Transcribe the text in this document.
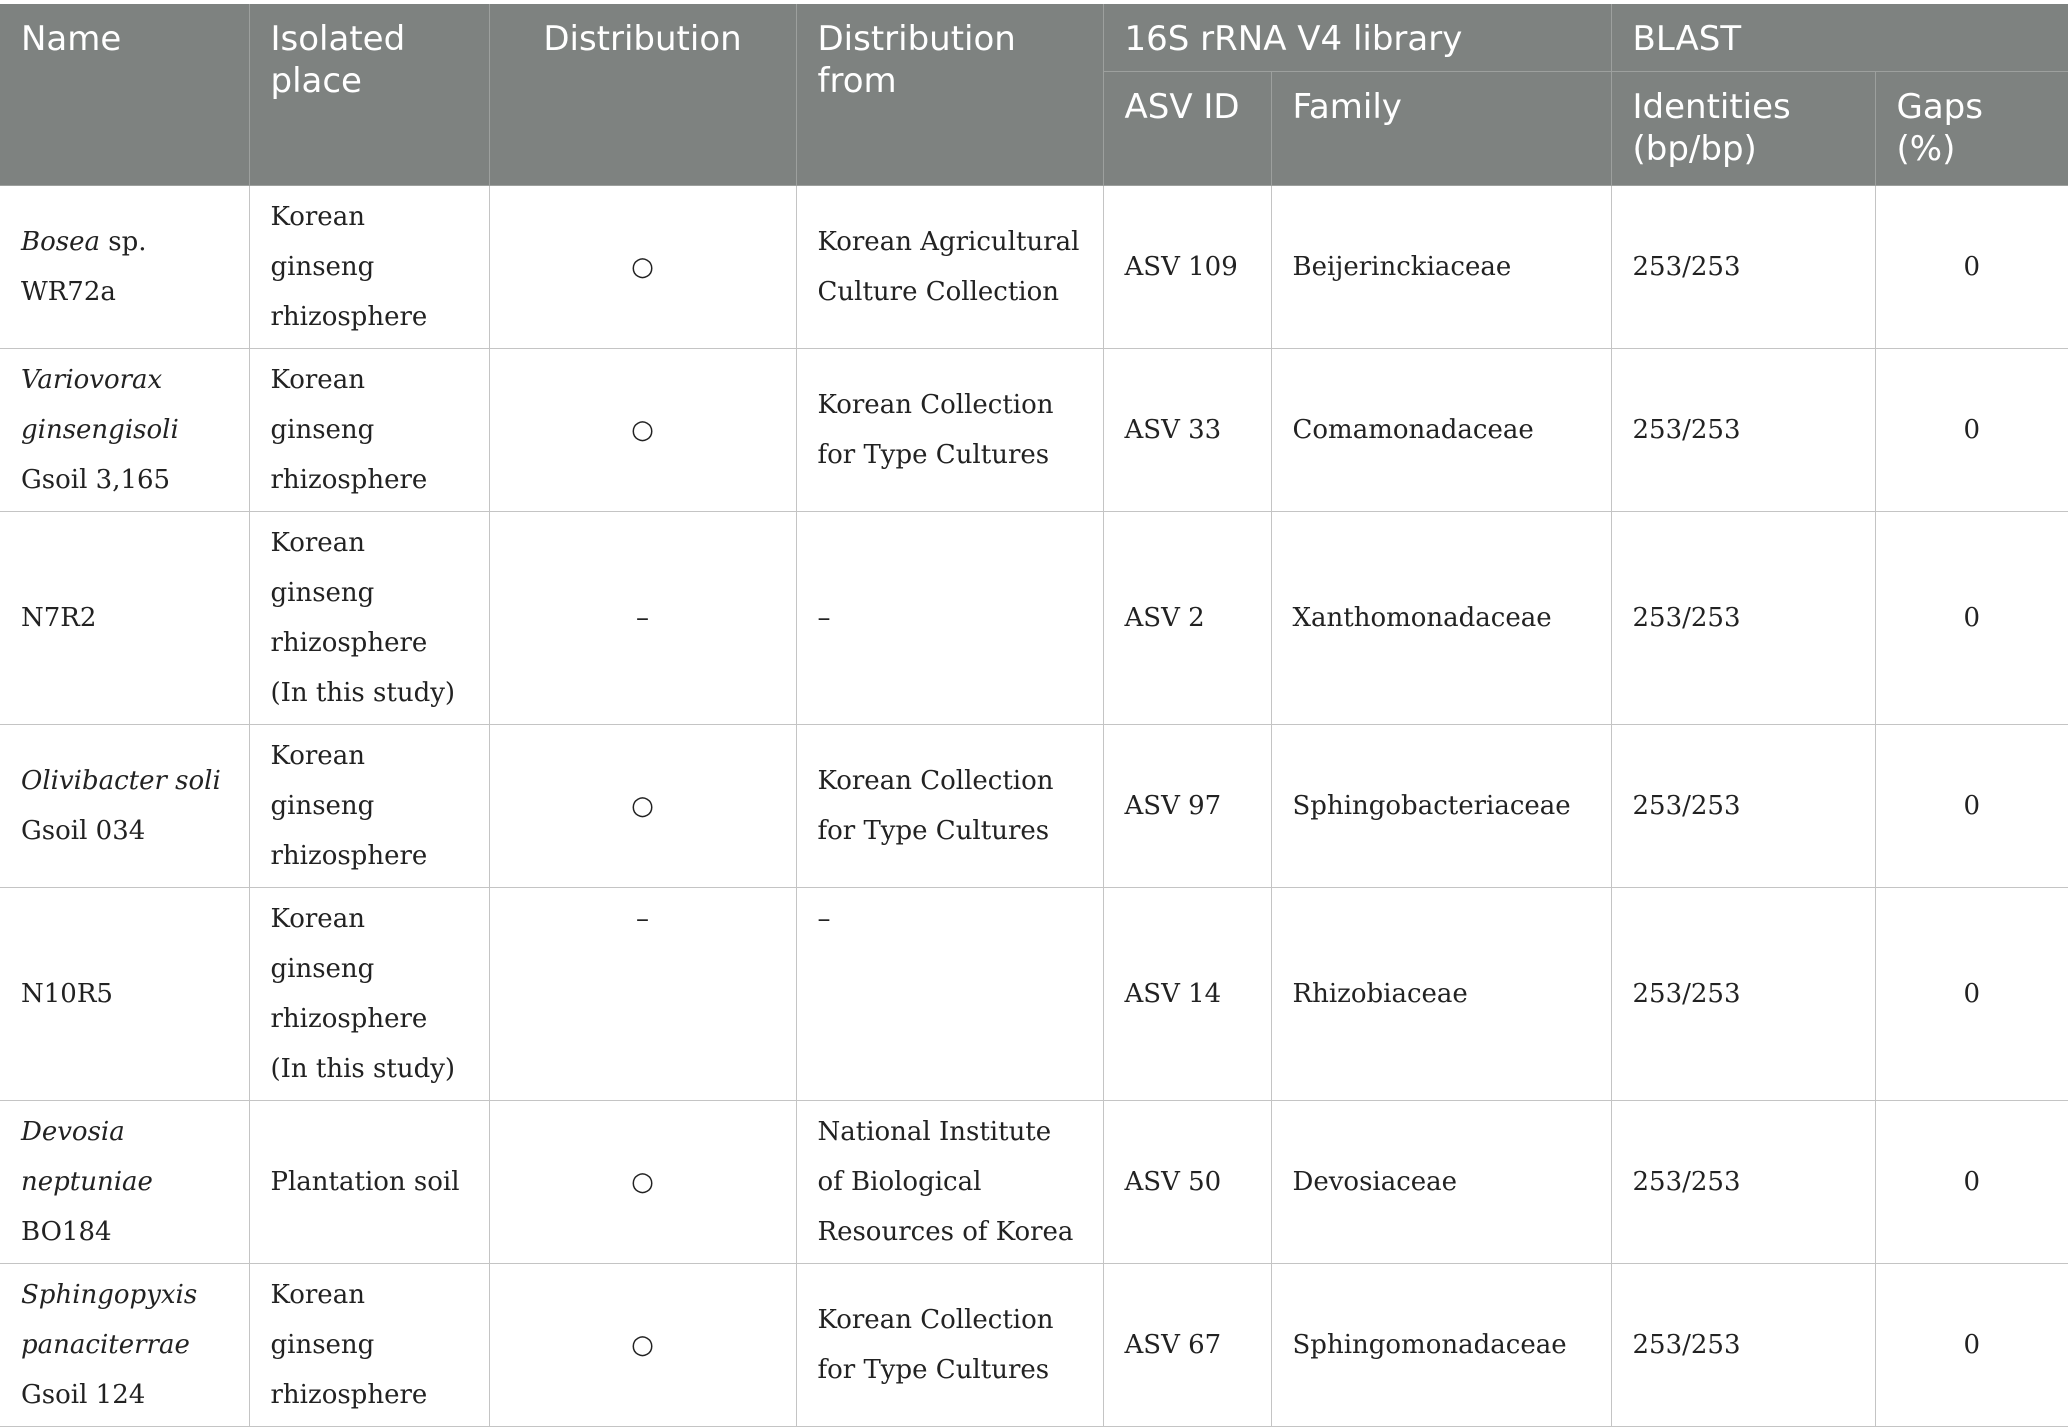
Name	Isolated place	Distribution	Distribution from	16S rRNA V4 library		BLAST	
				ASV ID	Family	Identities (bp/bp)	Gaps (%)
Bosea sp. WR72a	Korean ginseng rhizosphere	○	Korean Agricultural Culture Collection	ASV 109	Beijerinckiaceae	253/253	0
Variovorax ginsengisoli Gsoil 3,165	Korean ginseng rhizosphere	○	Korean Collection for Type Cultures	ASV 33	Comamonadaceae	253/253	0
N7R2	Korean ginseng rhizosphere (In this study)	–	–	ASV 2	Xanthomonadaceae	253/253	0
Olivibacter soli Gsoil 034	Korean ginseng rhizosphere	○	Korean Collection for Type Cultures	ASV 97	Sphingobacteriaceae	253/253	0
N10R5	Korean ginseng rhizosphere (In this study)	–	–	ASV 14	Rhizobiaceae	253/253	0
Devosia neptuniae BO184	Plantation soil	○	National Institute of Biological Resources of Korea	ASV 50	Devosiaceae	253/253	0
Sphingopyxis panaciterrae Gsoil 124	Korean ginseng rhizosphere	○	Korean Collection for Type Cultures	ASV 67	Sphingomonadaceae	253/253	0
